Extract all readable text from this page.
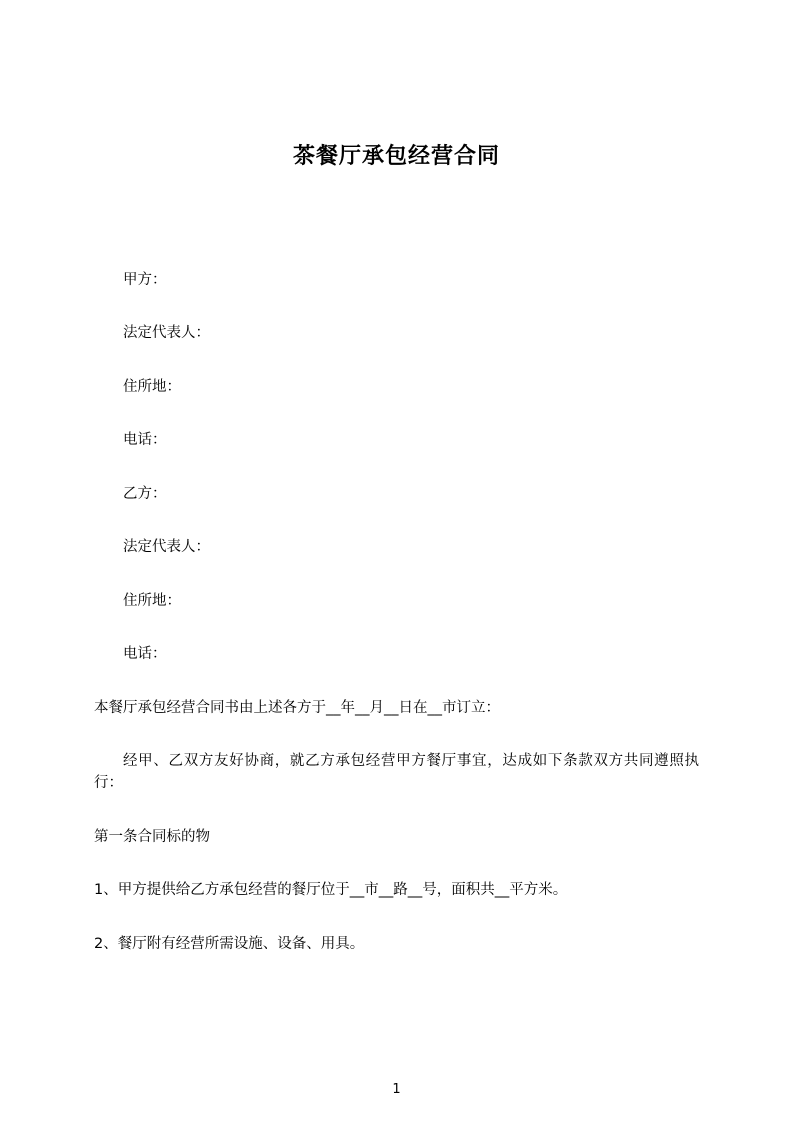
茶餐厅承包经营合同

甲方：

法定代表人：

住所地：

电话：

乙方：

法定代表人：

住所地：

电话：

本餐厅承包经营合同书由上述各方于__年__月__日在__市订立：

经甲、乙双方友好协商，就乙方承包经营甲方餐厅事宜，达成如下条款双方共同遵照执行：

第一条合同标的物

1、甲方提供给乙方承包经营的餐厅位于__市__路__号，面积共__平方米。

2、餐厅附有经营所需设施、设备、用具。

1
